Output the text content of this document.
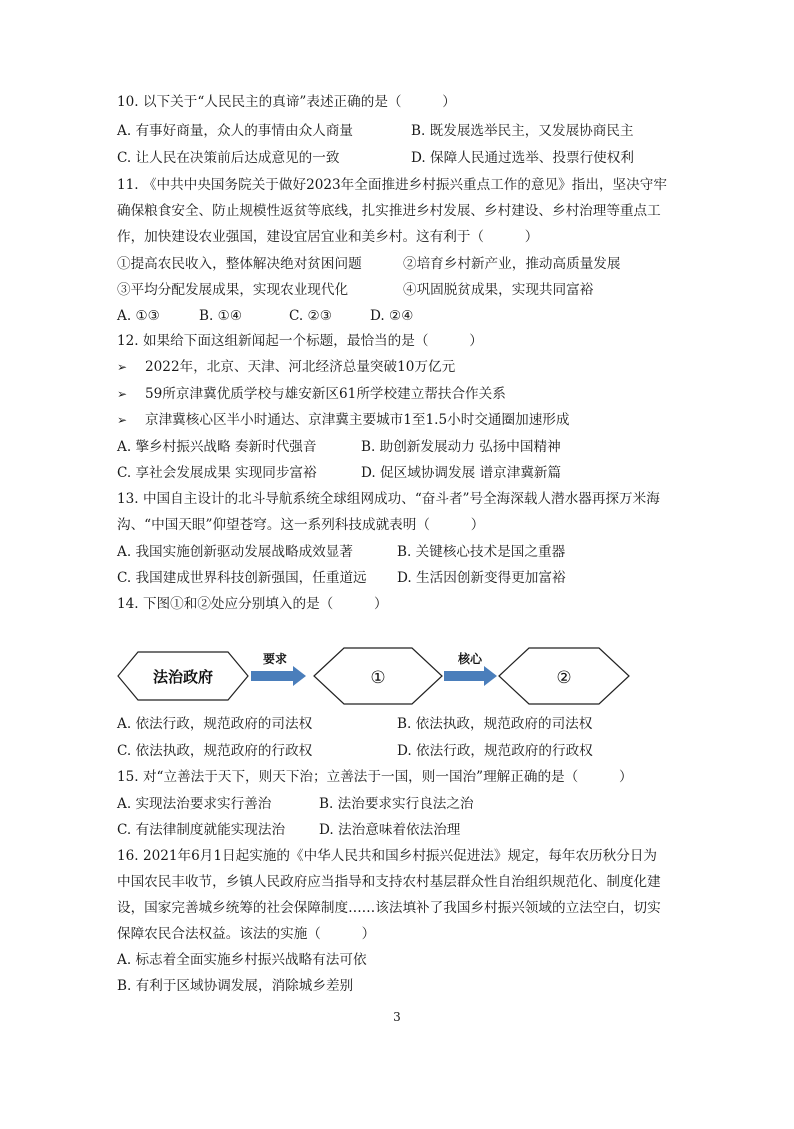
10. 以下关于“人民民主的真谛”表述正确的是（　　　）
A. 有事好商量，众人的事情由众人商量	B. 既发展选举民主，又发展协商民主
C. 让人民在决策前后达成意见的一致	D. 保障人民通过选举、投票行使权利
11. 《中共中央国务院关于做好2023年全面推进乡村振兴重点工作的意见》指出，坚决守牢
确保粮食安全、防止规模性返贫等底线，扎实推进乡村发展、乡村建设、乡村治理等重点工
作，加快建设农业强国，建设宜居宜业和美乡村。这有利于（　　　）
①提高农民收入，整体解决绝对贫困问题	②培育乡村新产业，推动高质量发展
③平均分配发展成果，实现农业现代化	④巩固脱贫成果，实现共同富裕
A. ①③	B. ①④	C. ②③	D. ②④
12. 如果给下面这组新闻起一个标题，最恰当的是（　　　）
➢ 2022年，北京、天津、河北经济总量突破10万亿元
➢ 59所京津冀优质学校与雄安新区61所学校建立帮扶合作关系
➢ 京津冀核心区半小时通达、京津冀主要城市1至1.5小时交通圈加速形成
A. 擎乡村振兴战略 奏新时代强音	B. 助创新发展动力 弘扬中国精神
C. 享社会发展成果 实现同步富裕	D. 促区域协调发展 谱京津冀新篇
13. 中国自主设计的北斗导航系统全球组网成功、“奋斗者”号全海深载人潜水器再探万米海
沟、“中国天眼”仰望苍穹。这一系列科技成就表明（　　　）
A. 我国实施创新驱动发展战略成效显著	B. 关键核心技术是国之重器
C. 我国建成世界科技创新强国，任重道远 D. 生活因创新变得更加富裕
14. 下图①和②处应分别填入的是（　　　）
法治政府
要求
①
核心
②
A. 依法行政，规范政府的司法权	B. 依法执政，规范政府的司法权
C. 依法执政，规范政府的行政权	D. 依法行政，规范政府的行政权
15. 对“立善法于天下，则天下治；立善法于一国，则一国治”理解正确的是（　　　）
A. 实现法治要求实行善治	B. 法治要求实行良法之治
C. 有法律制度就能实现法治 D. 法治意味着依法治理
16. 2021年6月1日起实施的《中华人民共和国乡村振兴促进法》规定，每年农历秋分日为
中国农民丰收节，乡镇人民政府应当指导和支持农村基层群众性自治组织规范化、制度化建
设，国家完善城乡统筹的社会保障制度……该法填补了我国乡村振兴领域的立法空白，切实
保障农民合法权益。该法的实施（　　　）
A. 标志着全面实施乡村振兴战略有法可依
B. 有利于区域协调发展，消除城乡差别
3
